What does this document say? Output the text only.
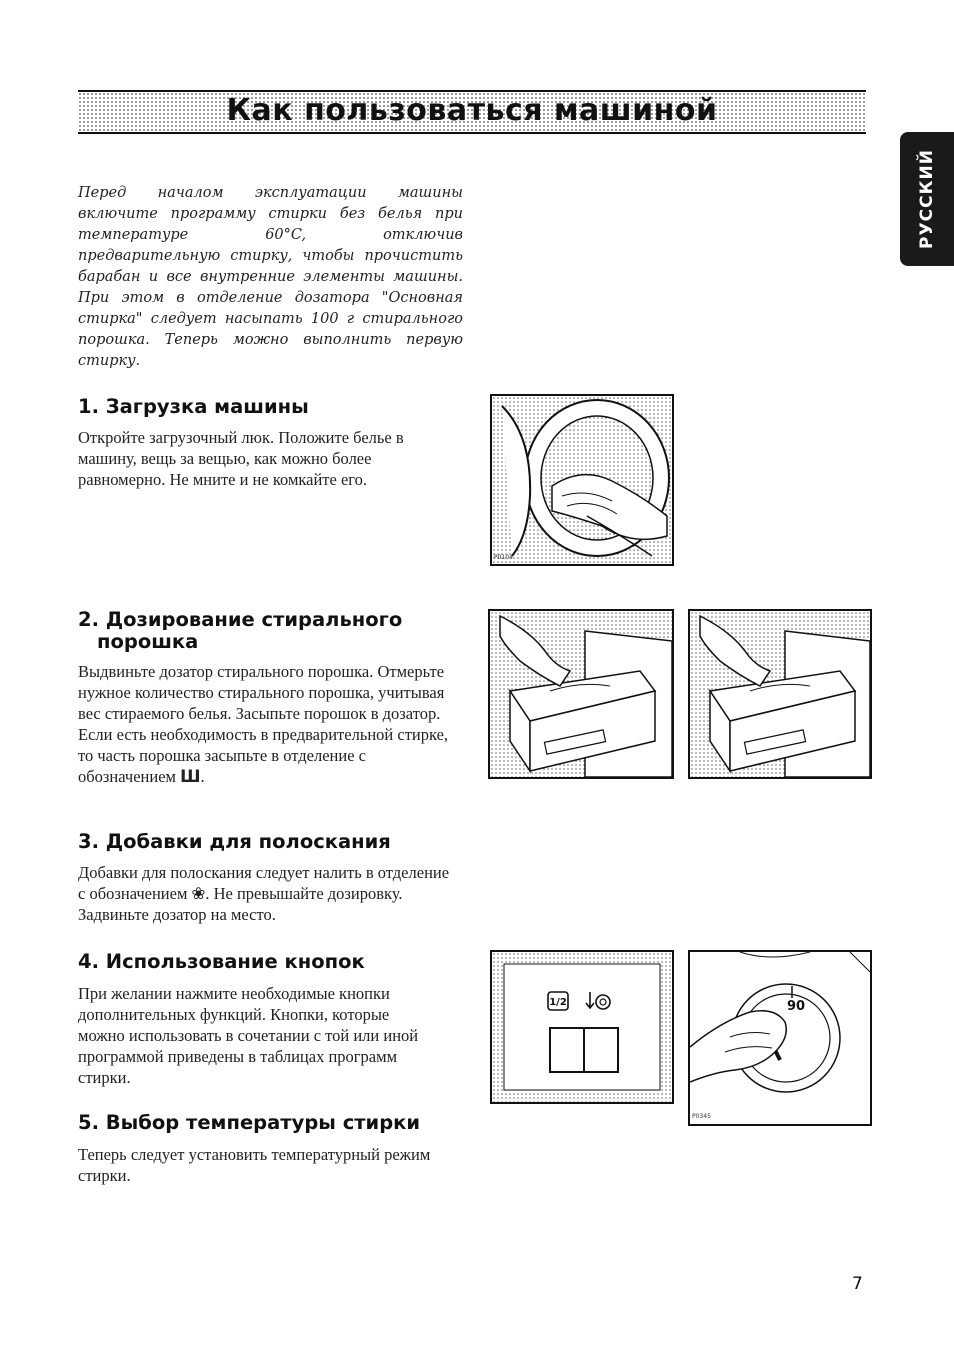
Как пользоваться машиной
РУССКИЙ
Перед началом эксплуатации машины включите программу стирки без белья при температуре 60°C, отключив предварительную стирку, чтобы прочистить барабан и все внутренние элементы машины. При этом в отделение дозатора "Основная стирка" следует насыпать 100 г стирального порошка. Теперь можно выполнить первую стирку.
1. Загрузка машины
Откройте загрузочный люк. Положите белье в машину, вещь за вещью, как можно более равномерно. Не мните и не комкайте его.
P0104
2. Дозирование стирального
порошка
Выдвиньте дозатор стирального порошка. Отмерьте нужное количество стирального порошка, учитывая вес стираемого белья. Засыпьте порошок в дозатор. Если есть необходимость в предварительной стирке, то часть порошка засыпьте в отделение с обозначением Ш.
3. Добавки для полоскания
Добавки для полоскания следует налить в отделение с обозначением ❀. Не превышайте дозировку. Задвиньте дозатор на место.
4. Использование кнопок
При желании нажмите необходимые кнопки дополнительных функций. Кнопки, которые можно использовать в сочетании с той или иной программой приведены в таблицах программ стирки.
1/2	90
P0345
5. Выбор температуры стирки
Теперь следует установить температурный режим стирки.
7
